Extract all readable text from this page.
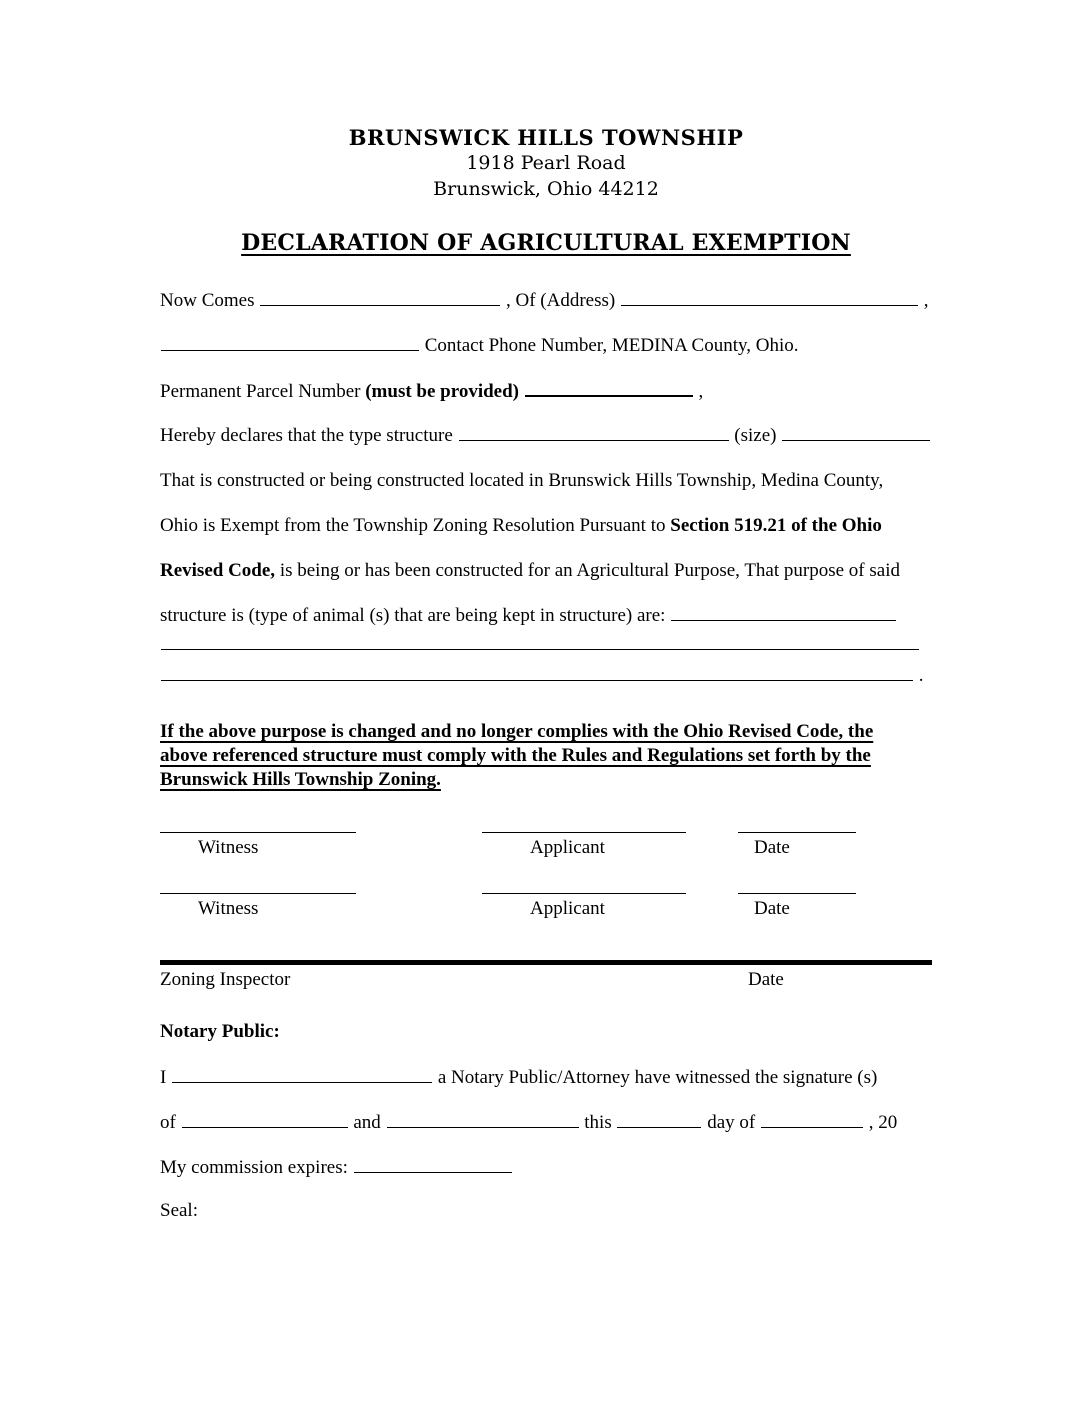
BRUNSWICK HILLS TOWNSHIP
1918 Pearl Road
Brunswick, Ohio 44212
DECLARATION OF AGRICULTURAL EXEMPTION
Now Comes	, Of (Address)	,
Contact Phone Number, MEDINA County, Ohio.
Permanent Parcel Number (must be provided)	,
Hereby declares that the type structure	(size)
That is constructed or being constructed located in Brunswick Hills Township, Medina County,
Ohio is Exempt from the Township Zoning Resolution Pursuant to Section 519.21 of the Ohio
Revised Code, is being or has been constructed for an Agricultural Purpose, That purpose of said
structure is (type of animal (s) that are being kept in structure) are:
.
If the above purpose is changed and no longer complies with the Ohio Revised Code, the
above referenced structure must comply with the Rules and Regulations set forth by the
Brunswick Hills Township Zoning.
Witness	Applicant	Date
Witness	Applicant	Date
Zoning Inspector	Date
Notary Public:
I	a Notary Public/Attorney have witnessed the signature (s)
of	and	this	day of	, 20
My commission expires:
Seal:
